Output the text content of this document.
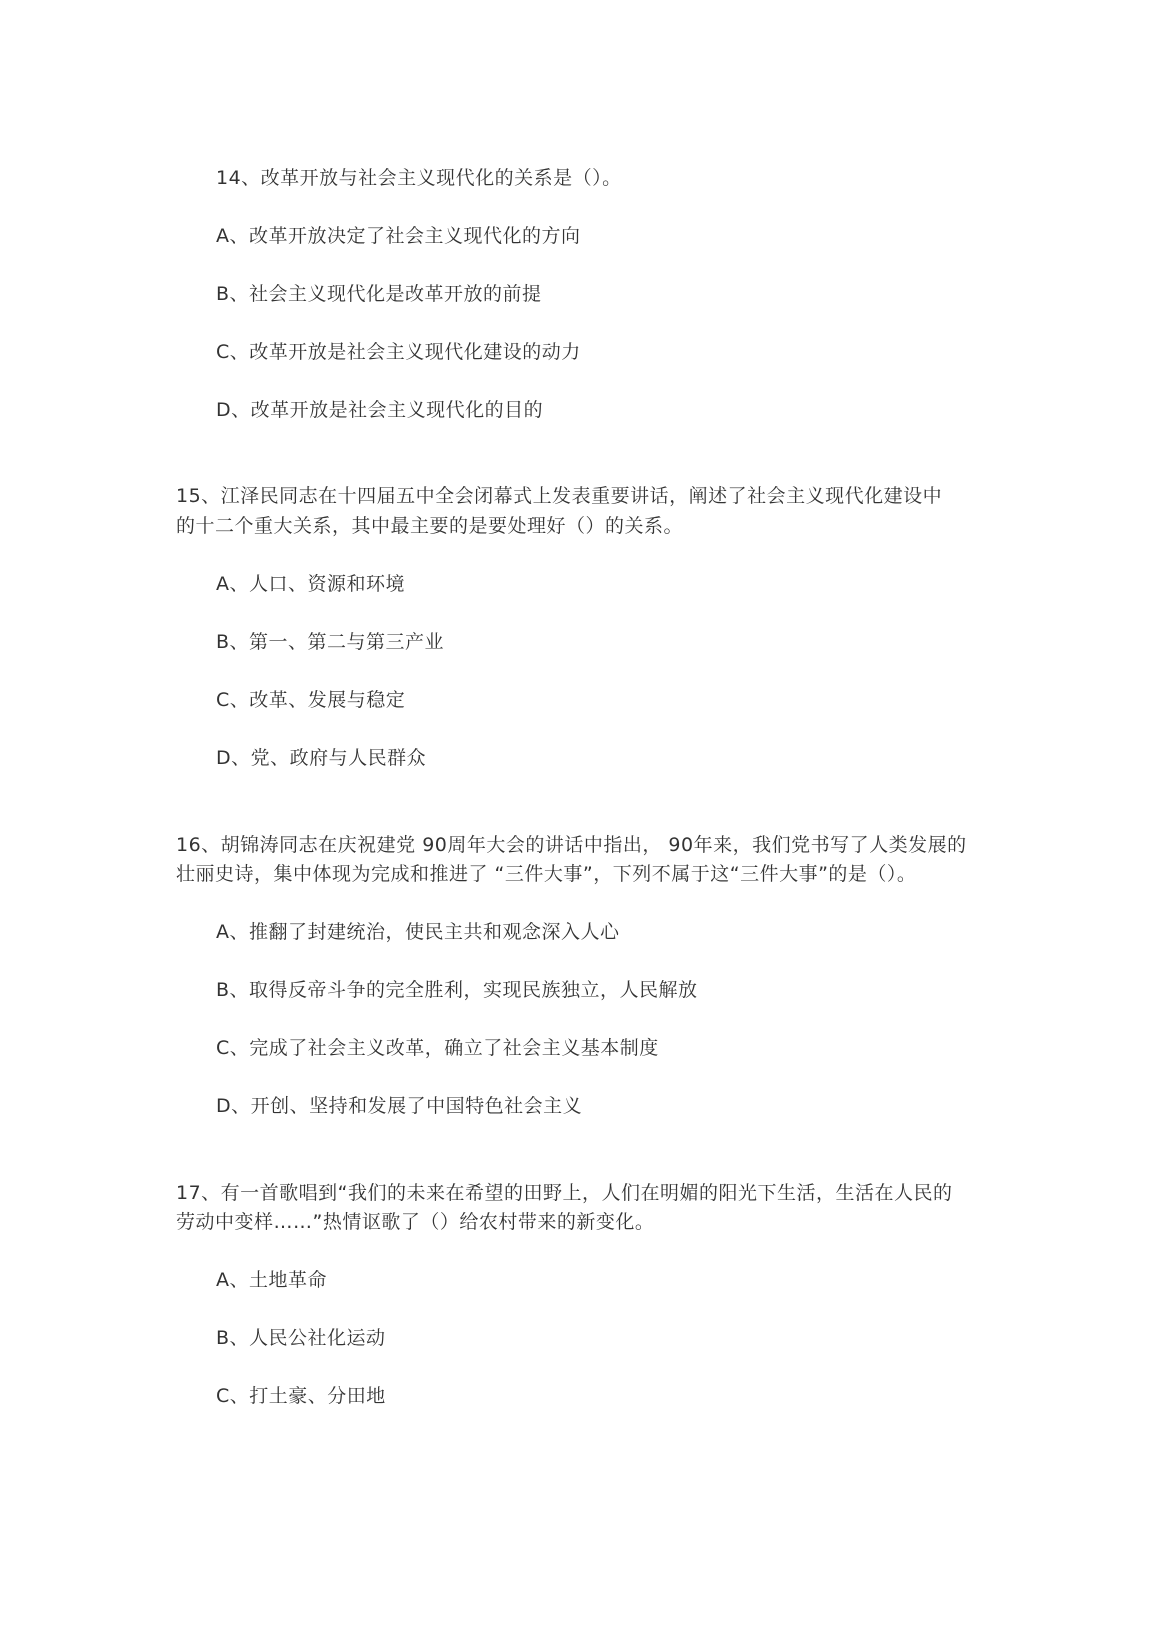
14、改革开放与社会主义现代化的关系是（）。
A、改革开放决定了社会主义现代化的方向
B、社会主义现代化是改革开放的前提
C、改革开放是社会主义现代化建设的动力
D、改革开放是社会主义现代化的目的
15、江泽民同志在十四届五中全会闭幕式上发表重要讲话，阐述了社会主义现代化建设中
的十二个重大关系，其中最主要的是要处理好（）的关系。
A、人口、资源和环境
B、第一、第二与第三产业
C、改革、发展与稳定
D、党、政府与人民群众
16、胡锦涛同志在庆祝建党 90周年大会的讲话中指出， 90年来，我们党书写了人类发展的
壮丽史诗，集中体现为完成和推进了 “三件大事”，下列不属于这“三件大事”的是（）。
A、推翻了封建统治，使民主共和观念深入人心
B、取得反帝斗争的完全胜利，实现民族独立，人民解放
C、完成了社会主义改革，确立了社会主义基本制度
D、开创、坚持和发展了中国特色社会主义
17、有一首歌唱到“我们的未来在希望的田野上，人们在明媚的阳光下生活，生活在人民的
劳动中变样……”热情讴歌了（）给农村带来的新变化。
A、土地革命
B、人民公社化运动
C、打土豪、分田地
